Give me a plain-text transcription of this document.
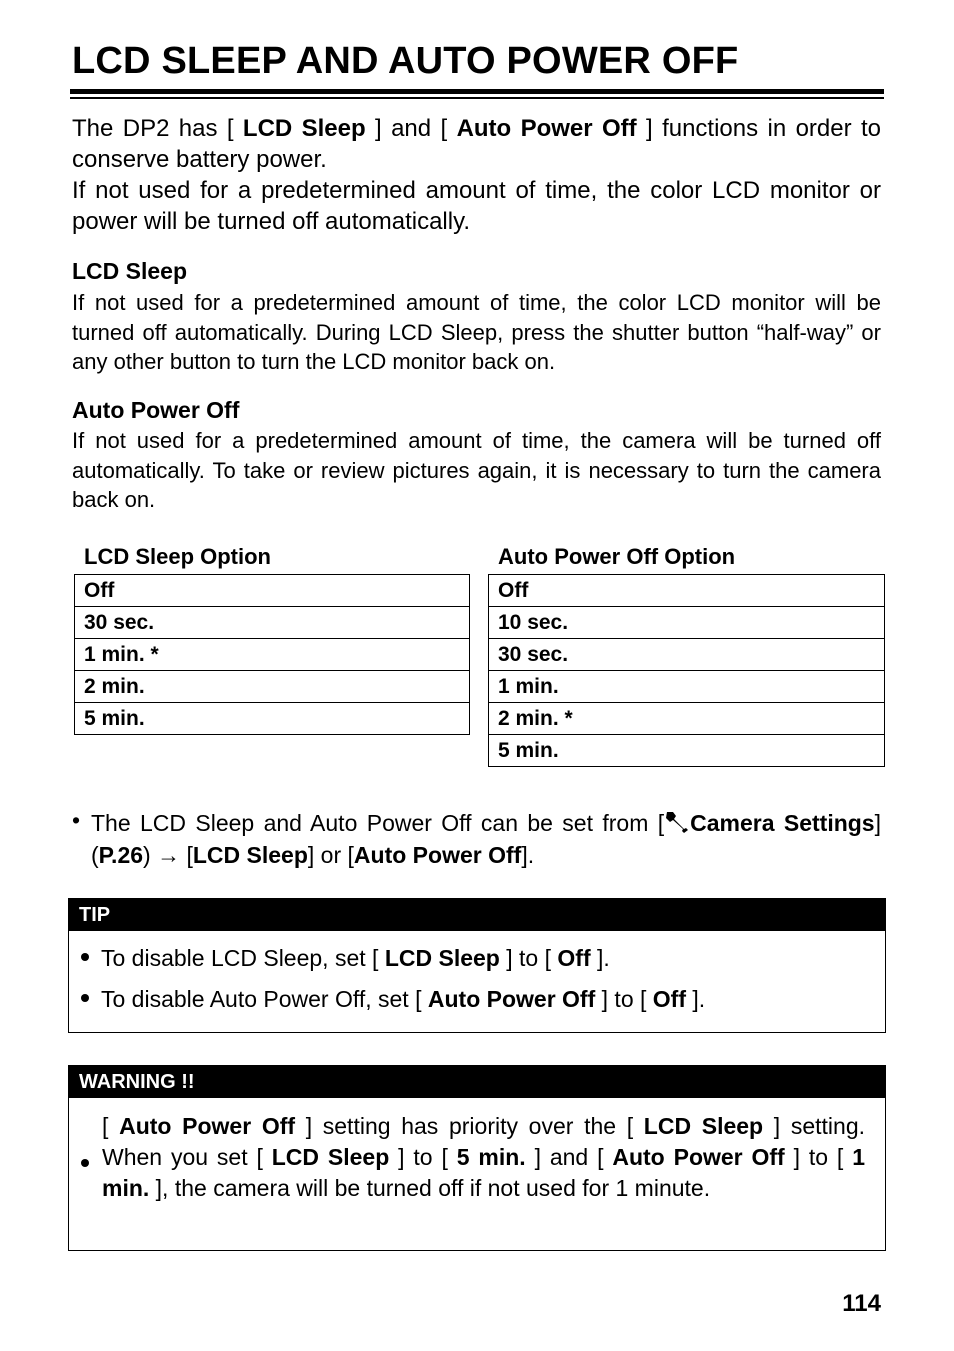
LCD SLEEP AND AUTO POWER OFF

The DP2 has [ LCD Sleep ] and [ Auto Power Off ] functions in order to conserve battery power.

If not used for a predetermined amount of time, the color LCD monitor or power will be turned off automatically.

LCD Sleep

If not used for a predetermined amount of time, the color LCD monitor will be turned off automatically. During LCD Sleep, press the shutter button “half-way” or any other button to turn the LCD monitor back on.

Auto Power Off

If not used for a predetermined amount of time, the camera will be turned off automatically. To take or review pictures again, it is necessary to turn the camera back on.

LCD Sleep Option
Off
30 sec.
1 min. *
2 min.
5 min.
Auto Power Off Option
Off
10 sec.
30 sec.
1 min.
2 min. *
5 min.
• The LCD Sleep and Auto Power Off can be set from [ Camera Settings] (P.26) → [LCD Sleep] or [Auto Power Off].

TIP
To disable LCD Sleep, set [ LCD Sleep ] to [ Off ].
To disable Auto Power Off, set [ Auto Power Off ] to [ Off ].
WARNING !!

[ Auto Power Off ] setting has priority over the [ LCD Sleep ] setting. When you set [ LCD Sleep ] to [ 5 min. ] and [ Auto Power Off ] to [ 1 min. ], the camera will be turned off if not used for 1 minute.

114
